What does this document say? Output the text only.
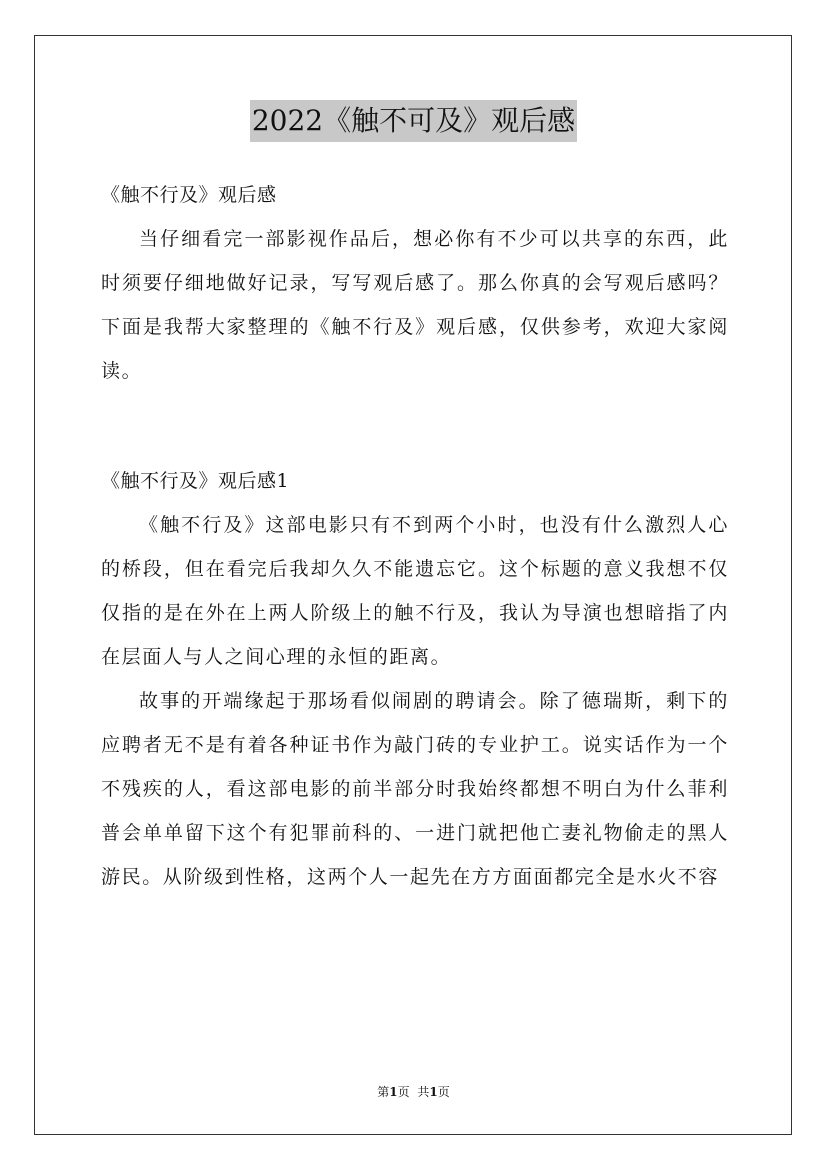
2022《触不可及》观后感

《触不行及》观后感

当仔细看完一部影视作品后，想必你有不少可以共享的东西，此时须要仔细地做好记录，写写观后感了。那么你真的会写观后感吗？下面是我帮大家整理的《触不行及》观后感，仅供参考，欢迎大家阅读。

《触不行及》观后感1

《触不行及》这部电影只有不到两个小时，也没有什么激烈人心的桥段，但在看完后我却久久不能遗忘它。这个标题的意义我想不仅仅指的是在外在上两人阶级上的触不行及，我认为导演也想暗指了内在层面人与人之间心理的永恒的距离。

故事的开端缘起于那场看似闹剧的聘请会。除了德瑞斯，剩下的应聘者无不是有着各种证书作为敲门砖的专业护工。说实话作为一个不残疾的人，看这部电影的前半部分时我始终都想不明白为什么菲利普会单单留下这个有犯罪前科的、一进门就把他亡妻礼物偷走的黑人游民。从阶级到性格，这两个人一起先在方方面面都完全是水火不容

第1页 共1页
